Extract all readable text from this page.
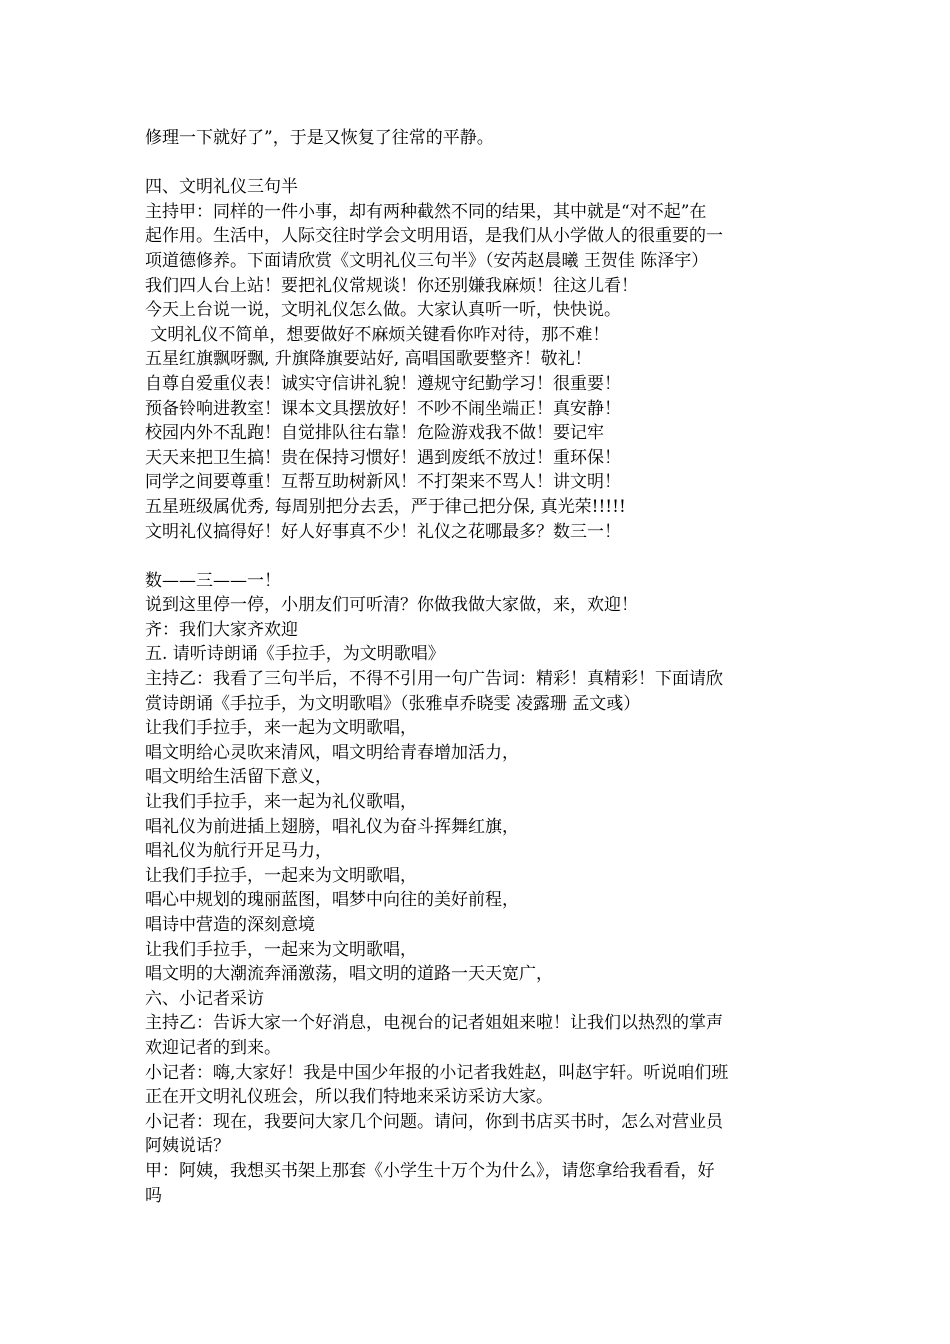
修理一下就好了”，于是又恢复了往常的平静。
四、文明礼仪三句半
主持甲：同样的一件小事，却有两种截然不同的结果，其中就是“对不起”在
起作用。生活中，人际交往时学会文明用语，是我们从小学做人的很重要的一
项道德修养。下面请欣赏《文明礼仪三句半》（安芮赵晨曦 王贺佳 陈泽宇）
我们四人台上站！要把礼仪常规谈！你还别嫌我麻烦！往这儿看！
今天上台说一说，文明礼仪怎么做。大家认真听一听，快快说。
文明礼仪不简单，想要做好不麻烦关键看你咋对待，那不难！
五星红旗飘呀飘, 升旗降旗要站好, 高唱国歌要整齐！敬礼！
自尊自爱重仪表！诚实守信讲礼貌！遵规守纪勤学习！很重要！
预备铃响进教室！课本文具摆放好！不吵不闹坐端正！真安静！
校园内外不乱跑！自觉排队往右靠！危险游戏我不做！要记牢
天天来把卫生搞！贵在保持习惯好！遇到废纸不放过！重环保！
同学之间要尊重！互帮互助树新风！不打架来不骂人！讲文明！
五星班级属优秀, 每周别把分去丢，严于律己把分保, 真光荣!!!!!
文明礼仪搞得好！好人好事真不少！礼仪之花哪最多？数三一！
数——三——一！
说到这里停一停，小朋友们可听清？你做我做大家做，来，欢迎！
齐：我们大家齐欢迎
五. 请听诗朗诵《手拉手，为文明歌唱》
主持乙：我看了三句半后，不得不引用一句广告词：精彩！真精彩！下面请欣
赏诗朗诵《手拉手，为文明歌唱》（张雅卓乔晓雯 凌露珊 孟文彧）
让我们手拉手，来一起为文明歌唱，
唱文明给心灵吹来清风，唱文明给青春增加活力，
唱文明给生活留下意义，
让我们手拉手，来一起为礼仪歌唱，
唱礼仪为前进插上翅膀，唱礼仪为奋斗挥舞红旗，
唱礼仪为航行开足马力，
让我们手拉手，一起来为文明歌唱，
唱心中规划的瑰丽蓝图，唱梦中向往的美好前程，
唱诗中营造的深刻意境
让我们手拉手，一起来为文明歌唱，
唱文明的大潮流奔涌激荡，唱文明的道路一天天宽广，
六、小记者采访
主持乙：告诉大家一个好消息，电视台的记者姐姐来啦！让我们以热烈的掌声
欢迎记者的到来。
小记者：嗨,大家好！我是中国少年报的小记者我姓赵，叫赵宇轩。听说咱们班
正在开文明礼仪班会，所以我们特地来采访采访大家。
小记者：现在，我要问大家几个问题。请问，你到书店买书时，怎么对营业员
阿姨说话？
甲：阿姨，我想买书架上那套《小学生十万个为什么》，请您拿给我看看，好
吗
